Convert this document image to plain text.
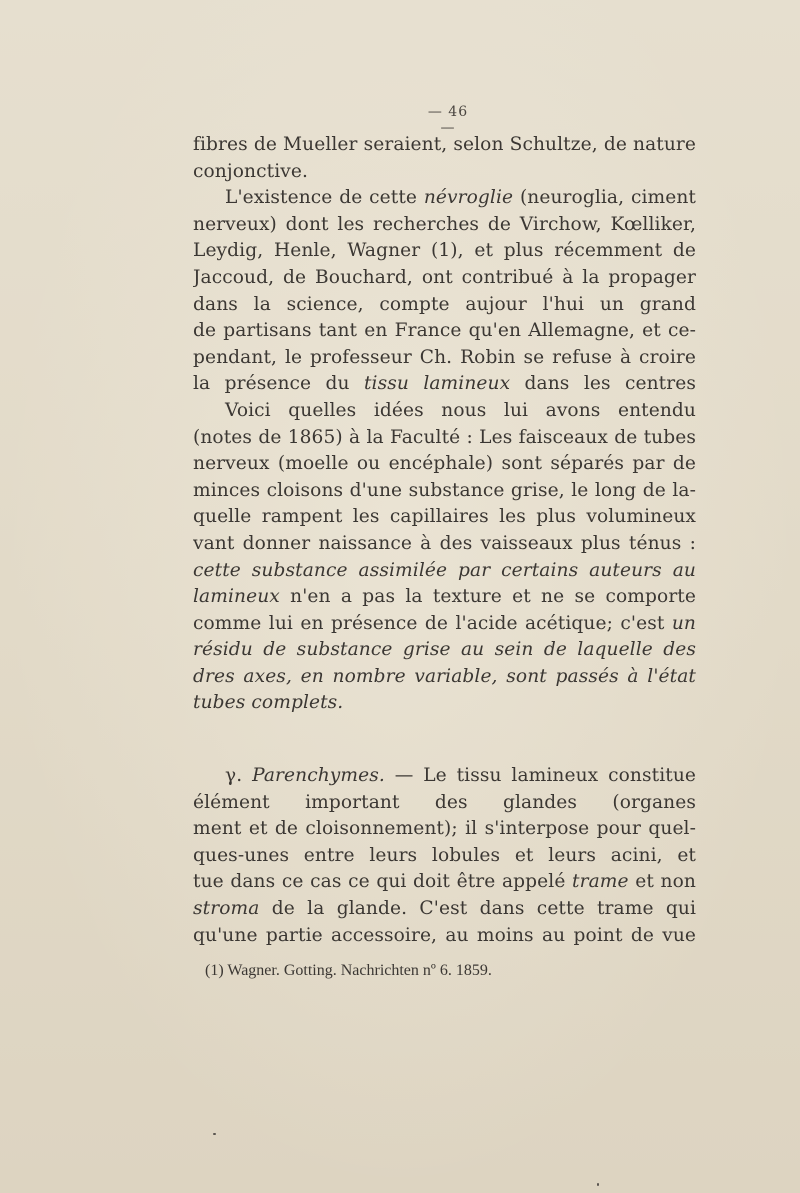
— 46 —
fibres de Mueller seraient, selon Schultze, de nature
conjonctive.
L'existence de cette névroglie (neuroglia, ciment
nerveux) dont les recherches de Virchow, Kœlliker,
Leydig, Henle, Wagner (1), et plus récemment de
Jaccoud, de Bouchard, ont contribué à la propager
dans la science, compte aujour l'hui un grand
de partisans tant en France qu'en Allemagne, et ce-
pendant, le professeur Ch. Robin se refuse à croire
la présence du tissu lamineux dans les centres
Voici quelles idées nous lui avons entendu
(notes de 1865) à la Faculté : Les faisceaux de tubes
nerveux (moelle ou encéphale) sont séparés par de
minces cloisons d'une substance grise, le long de la-
quelle rampent les capillaires les plus volumineux
vant donner naissance à des vaisseaux plus ténus :
cette substance assimilée par certains auteurs au
lamineux n'en a pas la texture et ne se comporte
comme lui en présence de l'acide acétique; c'est un
résidu de substance grise au sein de laquelle des
dres axes, en nombre variable, sont passés à l'état
tubes complets.
γ. Parenchymes. — Le tissu lamineux constitue
élément important des glandes (organes
ment et de cloisonnement); il s'interpose pour quel-
ques-unes entre leurs lobules et leurs acini, et
tue dans ce cas ce qui doit être appelé trame et non
stroma de la glande. C'est dans cette trame qui
qu'une partie accessoire, au moins au point de vue
(1) Wagner. Gotting. Nachrichten nº 6. 1859.
